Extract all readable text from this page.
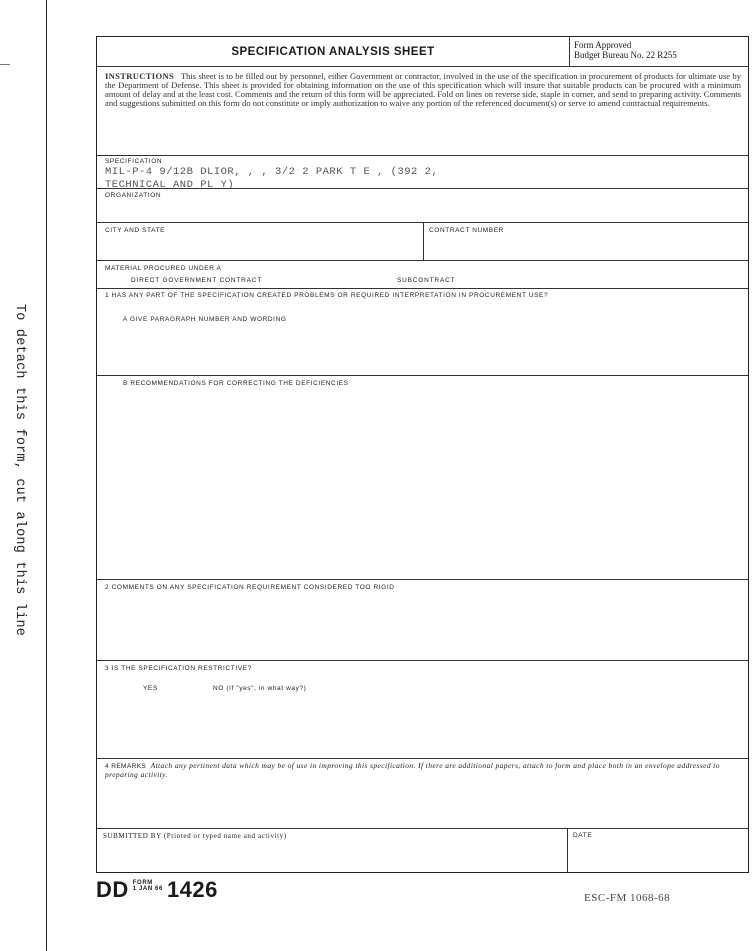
To detach this form, cut along this line
SPECIFICATION ANALYSIS SHEET
Form Approved
Budget Bureau No. 22 R255
INSTRUCTIONS This sheet is to be filled out by personnel, either Government or contractor, involved in the use of the specification in procurement of products for ultimate use by the Department of Defense. This sheet is provided for obtaining information on the use of this specification which will insure that suitable products can be procured with a minimum amount of delay and at the least cost. Comments and the return of this form will be appreciated. Fold on lines on reverse side, staple in corner, and send to preparing activity. Comments and suggestions submitted on this form do not constitute or imply authorization to waive any portion of the referenced document(s) or serve to amend contractual requirements.
SPECIFICATION
MIL-P-4 9/12B DLIOR, , , 3/2 2 PARK T E , (392 2,
TECHNICAL AND PL Y)
ORGANIZATION
CITY AND STATE	CONTRACT NUMBER
MATERIAL PROCURED UNDER A
DIRECT GOVERNMENT CONTRACT	SUBCONTRACT
1 HAS ANY PART OF THE SPECIFICATION CREATED PROBLEMS OR REQUIRED INTERPRETATION IN PROCUREMENT USE?
A GIVE PARAGRAPH NUMBER AND WORDING
B RECOMMENDATIONS FOR CORRECTING THE DEFICIENCIES
2 COMMENTS ON ANY SPECIFICATION REQUIREMENT CONSIDERED TOO RIGID
3 IS THE SPECIFICATION RESTRICTIVE?
YES	NO (If "yes", in what way?)
4 REMARKS Attach any pertinent data which may be of use in improving this specification. If there are additional papers, attach to form and place both in an envelope addressed to preparing activity.
SUBMITTED BY (Printed or typed name and activity)	DATE
DD FORM
1 JAN 66 1426	ESC-FM 1068-68
